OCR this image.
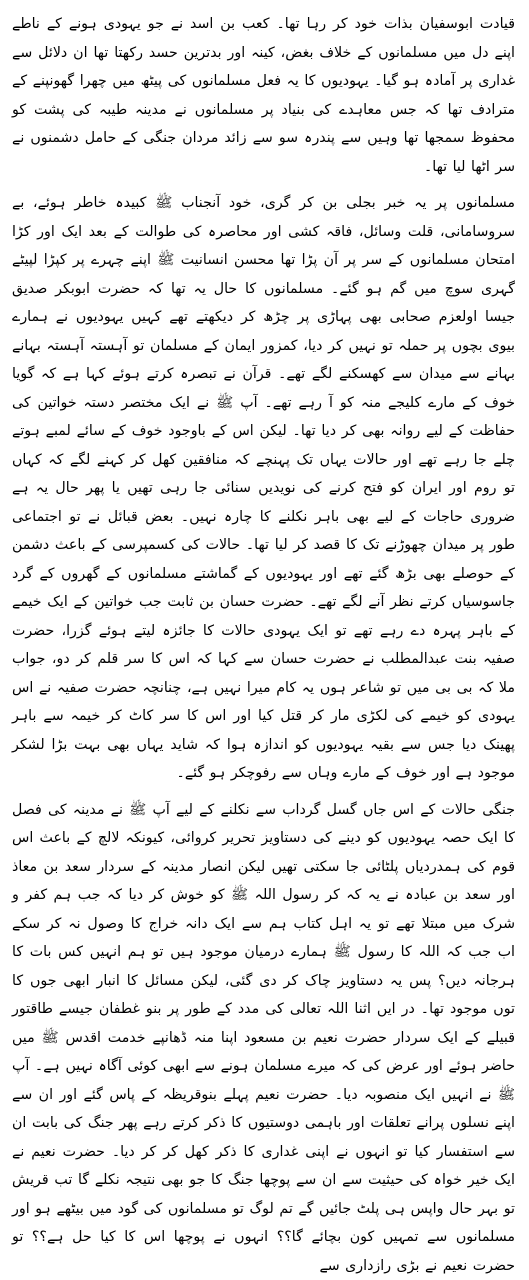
قیادت ابوسفیان بذات خود کر رہا تھا۔ کعب بن اسد نے جو یہودی ہونے کے ناطے اپنے دل میں مسلمانوں کے خلاف بغض، کینہ اور بدترین حسد رکھتا تھا ان دلائل سے غداری پر آمادہ ہو گیا۔ یہودیوں کا یہ فعل مسلمانوں کی پیٹھ میں چھرا گھونپنے کے مترادف تھا کہ جس معاہدے کی بنیاد پر مسلمانوں نے مدینہ طیبہ کی پشت کو محفوظ سمجھا تھا وہیں سے پندرہ سو سے زائد مردان جنگی کے حامل دشمنوں نے سر اٹھا لیا تھا۔

مسلمانوں پر یہ خبر بجلی بن کر گری، خود آنجناب ﷺ کبیدہ خاطر ہوئے، بے سروسامانی، قلت وسائل، فاقہ کشی اور محاصرہ کی طوالت کے بعد ایک اور کڑا امتحان مسلمانوں کے سر پر آن پڑا تھا محسن انسانیت ﷺ اپنے چہرے پر کپڑا لپیٹے گہری سوچ میں گم ہو گئے۔ مسلمانوں کا حال یہ تھا کہ حضرت ابوبکر صدیق جیسا اولعزم صحابی بھی پہاڑی پر چڑھ کر دیکھتے تھے کہیں یہودیوں نے ہمارے بیوی بچوں پر حملہ تو نہیں کر دیا، کمزور ایمان کے مسلمان تو آہستہ آہستہ بہانے بہانے سے میدان سے کھسکنے لگے تھے۔ قرآن نے تبصرہ کرتے ہوئے کہا ہے کہ گویا خوف کے مارے کلیجے منہ کو آ رہے تھے۔ آپ ﷺ نے ایک مختصر دستہ خواتین کی حفاظت کے لیے روانہ بھی کر دیا تھا۔ لیکن اس کے باوجود خوف کے سائے لمبے ہوتے چلے جا رہے تھے اور حالات یہاں تک پہنچے کہ منافقین کھل کر کہنے لگے کہ کہاں تو روم اور ایران کو فتح کرنے کی نویدیں سنائی جا رہی تھیں یا پھر حال یہ ہے ضروری حاجات کے لیے بھی باہر نکلنے کا چارہ نہیں۔ بعض قبائل نے تو اجتماعی طور پر میدان چھوڑنے تک کا قصد کر لیا تھا۔ حالات کی کسمپرسی کے باعث دشمن کے حوصلے بھی بڑھ گئے تھے اور یہودیوں کے گماشتے مسلمانوں کے گھروں کے گرد جاسوسیاں کرتے نظر آنے لگے تھے۔ حضرت حسان بن ثابت جب خواتین کے ایک خیمے کے باہر پہرہ دے رہے تھے تو ایک یہودی حالات کا جائزہ لیتے ہوئے گزرا، حضرت صفیہ بنت عبدالمطلب نے حضرت حسان سے کہا کہ اس کا سر قلم کر دو، جواب ملا کہ بی بی میں تو شاعر ہوں یہ کام میرا نہیں ہے، چنانچہ حضرت صفیہ نے اس یہودی کو خیمے کی لکڑی مار کر قتل کیا اور اس کا سر کاٹ کر خیمہ سے باہر پھینک دیا جس سے بقیہ یہودیوں کو اندازہ ہوا کہ شاید یہاں بھی بہت بڑا لشکر موجود ہے اور خوف کے مارے وہاں سے رفوچکر ہو گئے۔

جنگی حالات کے اس جاں گسل گرداب سے نکلنے کے لیے آپ ﷺ نے مدینہ کی فصل کا ایک حصہ یہودیوں کو دینے کی دستاویز تحریر کروائی، کیونکہ لالچ کے باعث اس قوم کی ہمدردیاں پلٹائی جا سکتی تھیں لیکن انصار مدینہ کے سردار سعد بن معاذ اور سعد بن عبادہ نے یہ کہ کر رسول اللہ ﷺ کو خوش کر دیا کہ جب ہم کفر و شرک میں مبتلا تھے تو یہ اہل کتاب ہم سے ایک دانہ خراج کا وصول نہ کر سکے اب جب کہ اللہ کا رسول ﷺ ہمارے درمیان موجود ہیں تو ہم انہیں کس بات کا ہرجانہ دیں؟ پس یہ دستاویز چاک کر دی گئی، لیکن مسائل کا انبار ابھی جوں کا توں موجود تھا۔ در ایں اثنا اللہ تعالی کی مدد کے طور پر بنو غطفان جیسے طاقتور قبیلے کے ایک سردار حضرت نعیم بن مسعود اپنا منہ ڈھانپے خدمت اقدس ﷺ میں حاضر ہوئے اور عرض کی کہ میرے مسلمان ہونے سے ابھی کوئی آگاہ نہیں ہے۔ آپ ﷺ نے انہیں ایک منصوبہ دیا۔ حضرت نعیم پہلے بنوقریظہ کے پاس گئے اور ان سے اپنے نسلوں پرانے تعلقات اور باہمی دوستیوں کا ذکر کرتے رہے پھر جنگ کی بابت ان سے استفسار کیا تو انہوں نے اپنی غداری کا ذکر کھل کر کر دیا۔ حضرت نعیم نے ایک خیر خواہ کی حیثیت سے ان سے پوچھا جنگ کا جو بھی نتیجہ نکلے گا تب قریش تو بہر حال واپس ہی پلٹ جائیں گے تم لوگ تو مسلمانوں کی گود میں بیٹھے ہو اور مسلمانوں سے تمہیں کون بچائے گا؟؟ انہوں نے پوچھا اس کا کیا حل ہے؟؟ تو حضرت نعیم نے بڑی رازداری سے
